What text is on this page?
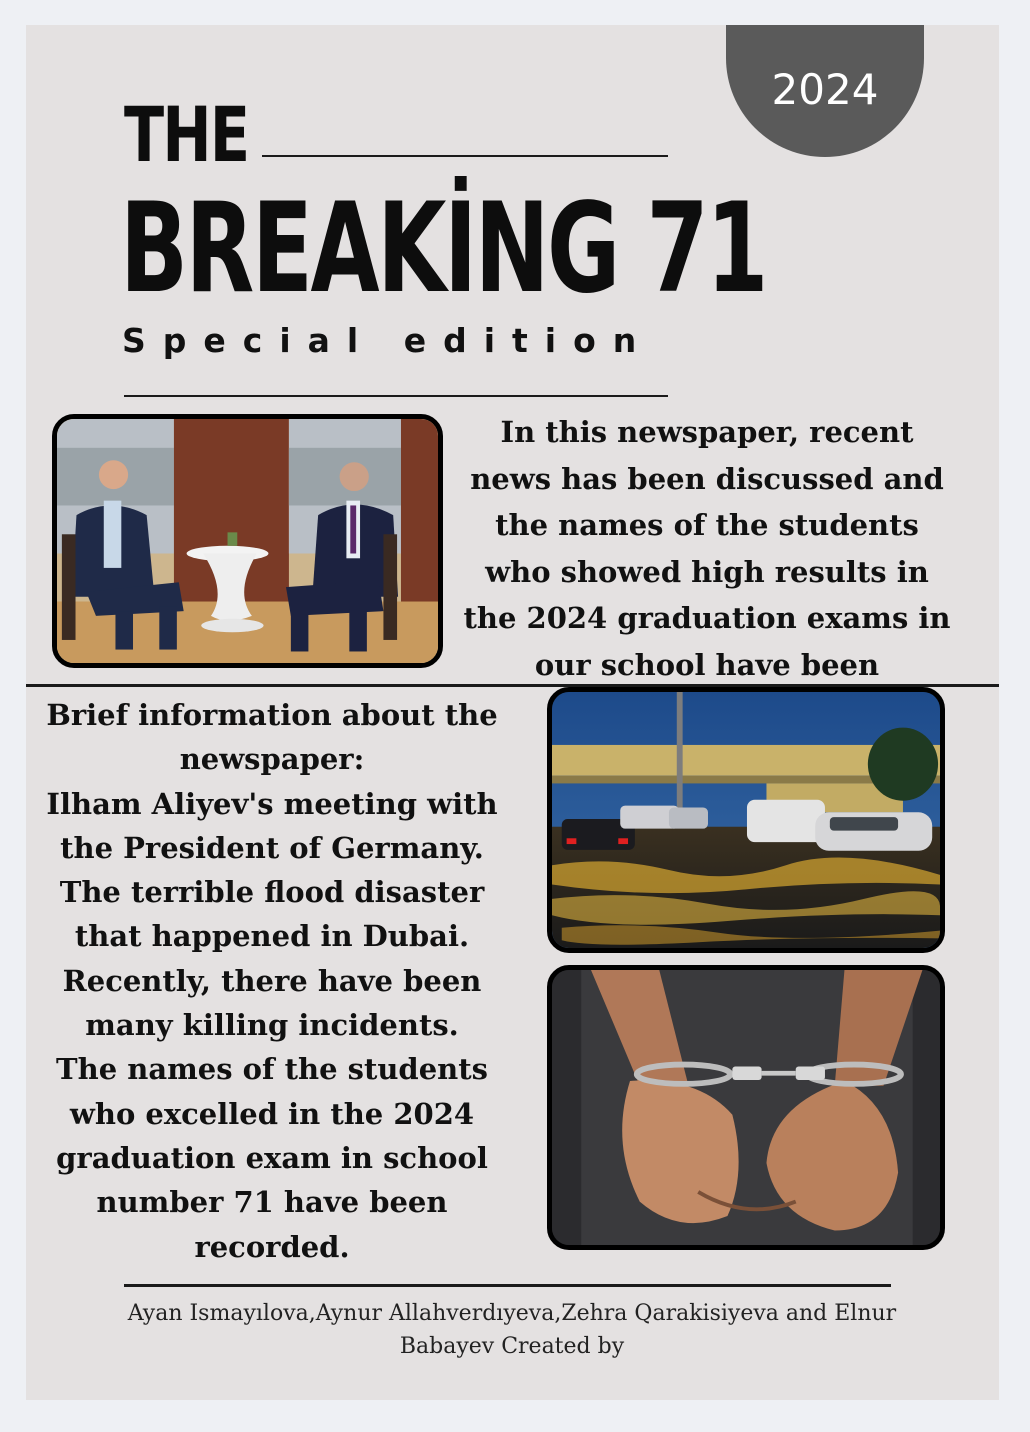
2024
THE
BREAKİNG 71
Special edition

In this newspaper, recent news has been discussed and the names of the students who showed high results in the 2024 graduation exams in our school have been

Brief information about the newspaper:

Ilham Aliyev's meeting with the President of Germany.

The terrible flood disaster that happened in Dubai.

Recently, there have been many killing incidents.

The names of the students who excelled in the 2024 graduation exam in school number 71 have been recorded.

Ayan Ismayılova,Aynur Allahverdıyeva,Zehra Qarakisiyeva and Elnur Babayev Created by
